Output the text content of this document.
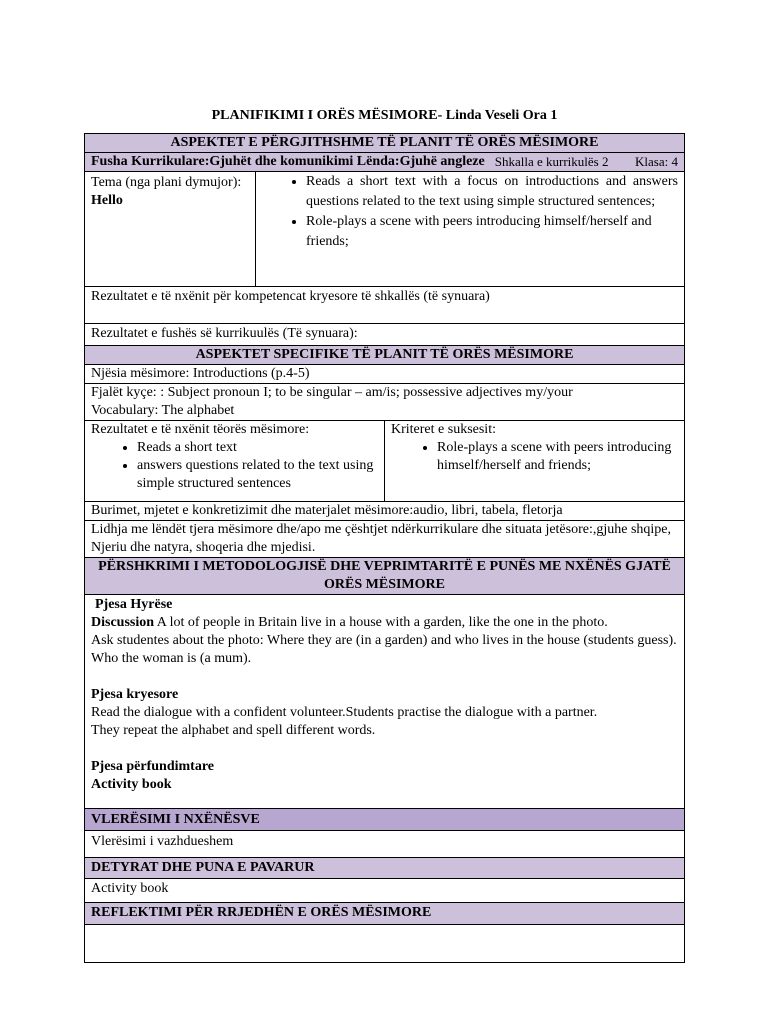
PLANIFIKIMI I ORËS MËSIMORE- Linda Veseli Ora 1
ASPEKTET E PËRGJITHSHME TË PLANIT TË ORËS MËSIMORE
Fusha Kurrikulare:Gjuhët dhe komunikimi Lënda:Gjuhë angleze Shkalla e kurrikulës 2 Klasa: 4
Tema (nga plani dymujor):
Hello
• Reads a short text with a focus on introductions and answers questions related to the text using simple structured sentences;
• Role-plays a scene with peers introducing himself/herself and friends;
Rezultatet e të nxënit për kompetencat kryesore të shkallës (të synuara)
Rezultatet e fushës së kurrikuulës (Të synuara):
ASPEKTET SPECIFIKE TË PLANIT TË ORËS MËSIMORE
Njësia mësimore: Introductions (p.4-5)
Fjalët kyçe: : Subject pronoun I; to be singular – am/is; possessive adjectives my/your
Vocabulary: The alphabet
Rezultatet e të nxënit tëorës mësimore:
• Reads a short text
• answers questions related to the text using simple structured sentences
Kriteret e suksesit:
• Role-plays a scene with peers introducing himself/herself and friends;
Burimet, mjetet e konkretizimit dhe materjalet mësimore:audio, libri, tabela, fletorja
Lidhja me lëndët tjera mësimore dhe/apo me çështjet ndërkurrikulare dhe situata jetësore:,gjuhe shqipe, Njeriu dhe natyra, shoqeria dhe mjedisi.
PËRSHKRIMI I METODOLOGJISË DHE VEPRIMTARITË E PUNËS ME NXËNËS GJATË ORËS MËSIMORE
Pjesa Hyrëse
Discussion A lot of people in Britain live in a house with a garden, like the one in the photo.
Ask studentes about the photo: Where they are (in a garden) and who lives in the house (students guess). Who the woman is (a mum).
Pjesa kryesore
Read the dialogue with a confident volunteer.Students practise the dialogue with a partner.
They repeat the alphabet and spell different words.
Pjesa përfundimtare
Activity book
VLERËSIMI I NXËNËSVE
Vlerësimi i vazhdueshem
DETYRAT DHE PUNA E PAVARUR
Activity book
REFLEKTIMI PËR RRJEDHËN E ORËS MËSIMORE
